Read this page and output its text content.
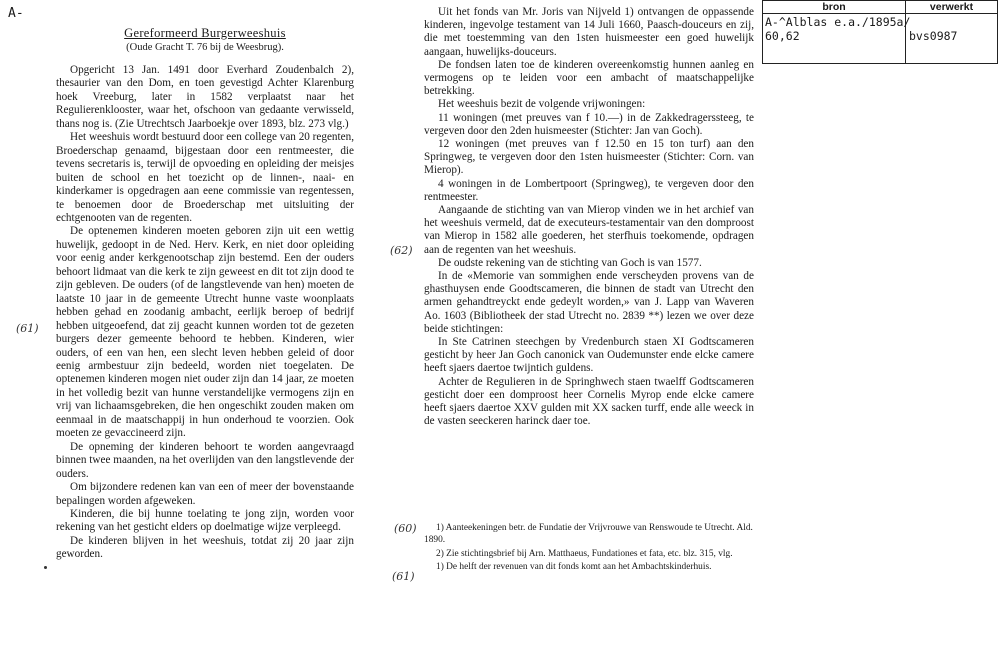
A-
Gereformeerd Burgerweeshuis
(Oude Gracht T. 76 bij de Weesbrug).

Opgericht 13 Jan. 1491 door Everhard Zoudenbalch 2), thesaurier van den Dom, en toen gevestigd Achter Klarenburg hoek Vreeburg, later in 1582 verplaatst naar het Regulierenklooster, waar het, ofschoon van gedaante verwisseld, thans nog is. (Zie Utrechtsch Jaarboekje over 1893, blz. 273 vlg.)

Het weeshuis wordt bestuurd door een college van 20 regenten, Broederschap genaamd, bijgestaan door een rentmeester, die tevens secretaris is, terwijl de opvoeding en opleiding der meisjes buiten de school en het toezicht op de linnen-, naai- en kinderkamer is opgedragen aan eene commissie van regentessen, te benoemen door de Broederschap met uitsluiting der echtgenooten van de regenten.

De optenemen kinderen moeten geboren zijn uit een wettig huwelijk, gedoopt in de Ned. Herv. Kerk, en niet door opleiding voor eenig ander kerkgenootschap zijn bestemd. Een der ouders behoort lidmaat van die kerk te zijn geweest en dit tot zijn dood te zijn gebleven. De ouders (of de langstlevende van hen) moeten de laatste 10 jaar in de gemeente Utrecht hunne vaste woonplaats hebben gehad en zoodanig ambacht, eerlijk beroep of bedrijf hebben uitgeoefend, dat zij geacht kunnen worden tot de gezeten burgers dezer gemeente behoord te hebben. Kinderen, wier ouders, of een van hen, een slecht leven hebben geleid of door eenig armbestuur zijn bedeeld, worden niet toegelaten. De optenemen kinderen mogen niet ouder zijn dan 14 jaar, ze moeten in het volledig bezit van hunne verstandelijke vermogens zijn en vrij van lichaamsgebreken, die hen ongeschikt zouden maken om eenmaal in de maatschappij in hun onderhoud te voorzien. Ook moeten ze gevaccineerd zijn.

De opneming der kinderen behoort te worden aangevraagd binnen twee maanden, na het overlijden van den langstlevende der ouders.

Om bijzondere redenen kan van een of meer der bovenstaande bepalingen worden afgeweken.

Kinderen, die bij hunne toelating te jong zijn, worden voor rekening van het gesticht elders op doelmatige wijze verpleegd.

De kinderen blijven in het weeshuis, totdat zij 20 jaar zijn geworden.

(61)

Uit het fonds van Mr. Joris van Nijveld 1) ontvangen de oppassende kinderen, ingevolge testament van 14 Juli 1660, Paasch-douceurs en zij, die met toestemming van den 1sten huismeester een goed huwelijk aangaan, huwelijks-douceurs.

De fondsen laten toe de kinderen overeenkomstig hunnen aanleg en vermogens op te leiden voor een ambacht of maatschappelijke betrekking.

Het weeshuis bezit de volgende vrijwoningen:

11 woningen (met preuves van f 10.—) in de Zakkedragerssteeg, te vergeven door den 2den huismeester (Stichter: Jan van Goch).

12 woningen (met preuves van f 12.50 en 15 ton turf) aan den Springweg, te vergeven door den 1sten huismeester (Stichter: Corn. van Mierop).

4 woningen in de Lombertpoort (Springweg), te vergeven door den rentmeester.

Aangaande de stichting van van Mierop vinden we in het archief van het weeshuis vermeld, dat de executeurs-testamentair van den domproost van Mierop in 1582 alle goederen, het sterfhuis toekomende, opdragen aan de regenten van het weeshuis.

De oudste rekening van de stichting van Goch is van 1577.

In de «Memorie van sommighen ende verscheyden provens van de ghasthuysen ende Goodtscameren, die binnen de stadt van Utrecht den armen gehandtreyckt ende gedeylt worden,» van J. Lapp van Waveren Ao. 1603 (Bibliotheek der stad Utrecht no. 2839 **) lezen we over deze beide stichtingen:

In Ste Catrinen steechgen by Vredenburch staen XI Godtscameren gesticht by heer Jan Goch canonick van Oudemunster ende elcke camere heeft sjaers daertoe twijntich guldens.

Achter de Regulieren in de Springhwech staen twaelff Godtscameren gesticht doer een domproost heer Cornelis Myrop ende elcke camere heeft sjaers daertoe XXV gulden mit XX sacken turff, ende alle weeck in de vasten seeckeren harinck daer toe.

1) Aanteekeningen betr. de Fundatie der Vrijvrouwe van Renswoude te Utrecht. Ald. 1890.

2) Zie stichtingsbrief bij Arn. Matthaeus, Fundationes et fata, etc. blz. 315, vlg.

1) De helft der revenuen van dit fonds komt aan het Ambachtskinderhuis.

(62)
(60)
(61)
bron	verwerkt
A-^Alblas e.a./1895a/
60,62	bvs0987
